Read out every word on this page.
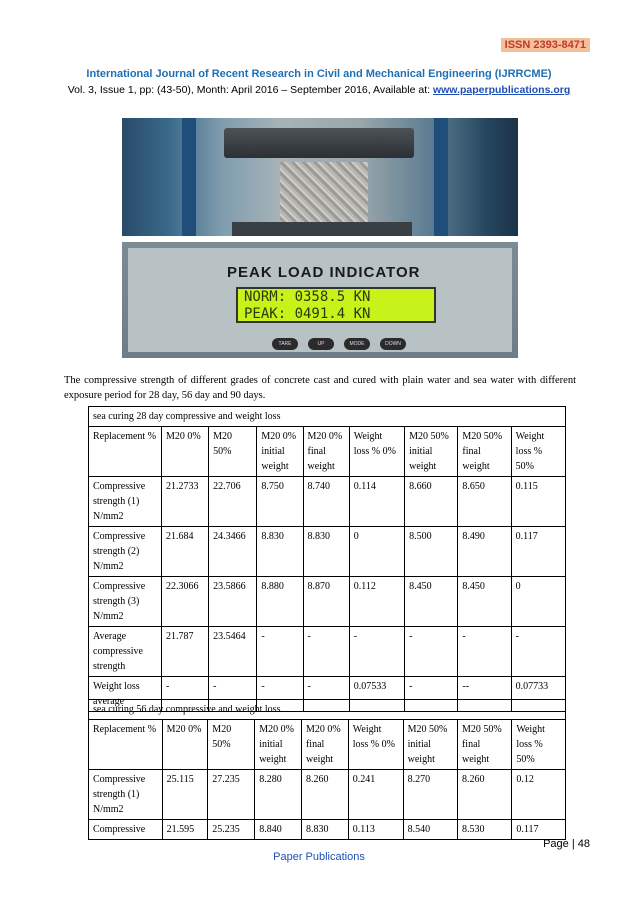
ISSN 2393-8471
International Journal of Recent Research in Civil and Mechanical Engineering (IJRRCME)
Vol. 3, Issue 1, pp: (43-50), Month: April 2016 – September 2016, Available at: www.paperpublications.org
PEAK LOAD INDICATOR
NORM: 0358.5 KN
PEAK: 0491.4 KN
TARE	UP	MODE	DOWN
The compressive strength of different grades of concrete cast and cured with plain water and sea water with different exposure period for 28 day, 56 day and 90 days.
sea curing 28 day compressive and weight loss								
Replacement %	M20 0%	M20 50%	M20 0% initial weight	M20 0% final weight	Weight loss % 0%	M20 50% initial weight	M20 50% final weight	Weight loss % 50%
Compressive strength (1) N/mm2	21.2733	22.706	8.750	8.740	0.114	8.660	8.650	0.115
Compressive strength (2) N/mm2	21.684	24.3466	8.830	8.830	0	8.500	8.490	0.117
Compressive strength (3) N/mm2	22.3066	23.5866	8.880	8.870	0.112	8.450	8.450	0
Average compressive strength	21.787	23.5464	-	-	-	-	-	-
Weight loss average	-	-	-	-	0.07533	-	--	0.07733
sea curing 56 day compressive and weight loss								
Replacement %	M20 0%	M20 50%	M20 0% initial weight	M20 0% final weight	Weight loss % 0%	M20 50% initial weight	M20 50% final weight	Weight loss % 50%
Compressive strength (1) N/mm2	25.115	27.235	8.280	8.260	0.241	8.270	8.260	0.12
Compressive	21.595	25.235	8.840	8.830	0.113	8.540	8.530	0.117
Page | 48
Paper Publications
